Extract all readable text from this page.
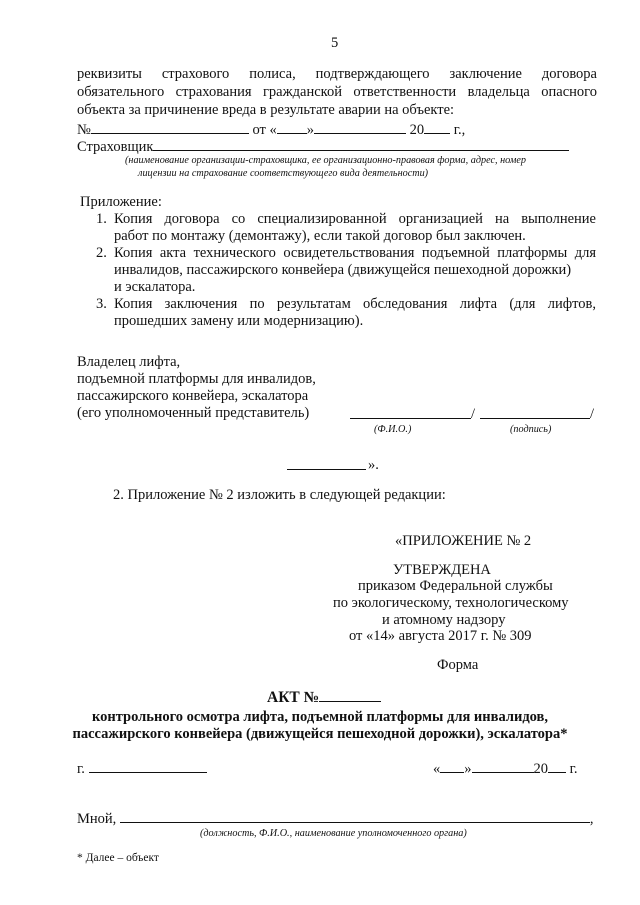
5
реквизиты страхового полиса, подтверждающего заключение договора
обязательного страхования гражданской ответственности владельца опасного
объекта за причинение вреда в результате аварии на объекте:
№	от « »	20 г.,
Страховщик
(наименование организации-страховщика, ее организационно-правовая форма, адрес, номер
лицензии на страхование соответствующего вида деятельности)
Приложение:
1. Копия договора со специализированной организацией на выполнение
работ по монтажу (демонтажу), если такой договор был заключен.
2. Копия акта технического освидетельствования подъемной платформы для
инвалидов, пассажирского конвейера (движущейся пешеходной дорожки)
и эскалатора.
3. Копия заключения по результатам обследования лифта (для лифтов,
прошедших замену или модернизацию).
Владелец лифта,
подъемной платформы для инвалидов,
пассажирского конвейера, эскалатора
(его уполномоченный представитель)	/	/
(Ф.И.О.)	(подпись)
».
2. Приложение № 2 изложить в следующей редакции:
«ПРИЛОЖЕНИЕ № 2
УТВЕРЖДЕНА
приказом Федеральной службы
по экологическому, технологическому
и атомному надзору
от «14» августа 2017 г. № 309
Форма
АКТ №
контрольного осмотра лифта, подъемной платформы для инвалидов,
пассажирского конвейера (движущейся пешеходной дорожки), эскалатора*
г.	« »	20 г.
Мной,	,
(должность, Ф.И.О., наименование уполномоченного органа)
* Далее – объект
